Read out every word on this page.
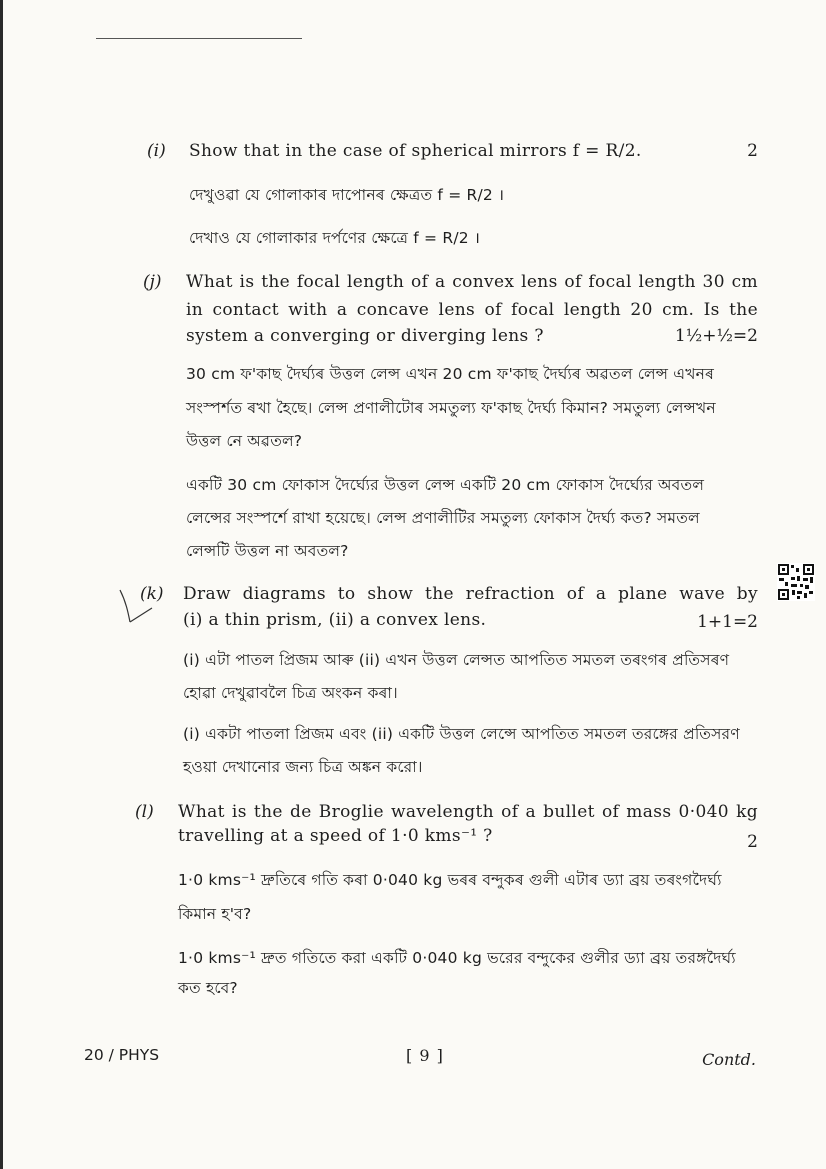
(i) Show that in the case of spherical mirrors f = R/2.	2
দেখুওৱা যে গোলাকাৰ দাপোনৰ ক্ষেত্ৰত f = R/2 ।
দেখাও যে গোলাকার দর্পণের ক্ষেত্রে f = R/2 ।
(j) What is the focal length of a convex lens of focal length 30 cm
in contact with a concave lens of focal length 20 cm. Is the
system a converging or diverging lens ?	1½+½=2
30 cm ফ'কাছ দৈৰ্ঘ্যৰ উত্তল লেন্স এখন 20 cm ফ'কাছ দৈৰ্ঘ্যৰ অৱতল লেন্স এখনৰ
সংস্পৰ্শত ৰখা হৈছে। লেন্স প্ৰণালীটোৰ সমতুল্য ফ'কাছ দৈৰ্ঘ্য কিমান? সমতুল্য লেন্সখন
উত্তল নে অৱতল?
একটি 30 cm ফোকাস দৈর্ঘ্যের উত্তল লেন্স একটি 20 cm ফোকাস দৈর্ঘ্যের অবতল
লেন্সের সংস্পর্শে রাখা হয়েছে। লেন্স প্রণালীটির সমতুল্য ফোকাস দৈর্ঘ্য কত? সমতল
লেন্সটি উত্তল না অবতল?
(k) Draw diagrams to show the refraction of a plane wave by
(i) a thin prism, (ii) a convex lens.	1+1=2
(i) এটা পাতল প্ৰিজম আৰু (ii) এখন উত্তল লেন্সত আপতিত সমতল তৰংগৰ প্ৰতিসৰণ
হোৱা দেখুৱাবলৈ চিত্ৰ অংকন কৰা।
(i) একটা পাতলা প্রিজম এবং (ii) একটি উত্তল লেন্সে আপতিত সমতল তরঙ্গের প্রতিসরণ
হওয়া দেখানোর জন্য চিত্র অঙ্কন করো।
(l) What is the de Broglie wavelength of a bullet of mass 0·040 kg
travelling at a speed of 1·0 kms⁻¹ ?	2
1·0 kms⁻¹ দ্ৰুতিৰে গতি কৰা 0·040 kg ভৰৰ বন্দুকৰ গুলী এটাৰ ড্যা ব্ৰয় তৰংগদৈৰ্ঘ্য
কিমান হ'ব?
1·0 kms⁻¹ দ্রুত গতিতে করা একটি 0·040 kg ভরের বন্দুকের গুলীর ড্যা ব্রয় তরঙ্গদৈর্ঘ্য
কত হবে?
20 / PHYS	[ 9 ]	Contd.
